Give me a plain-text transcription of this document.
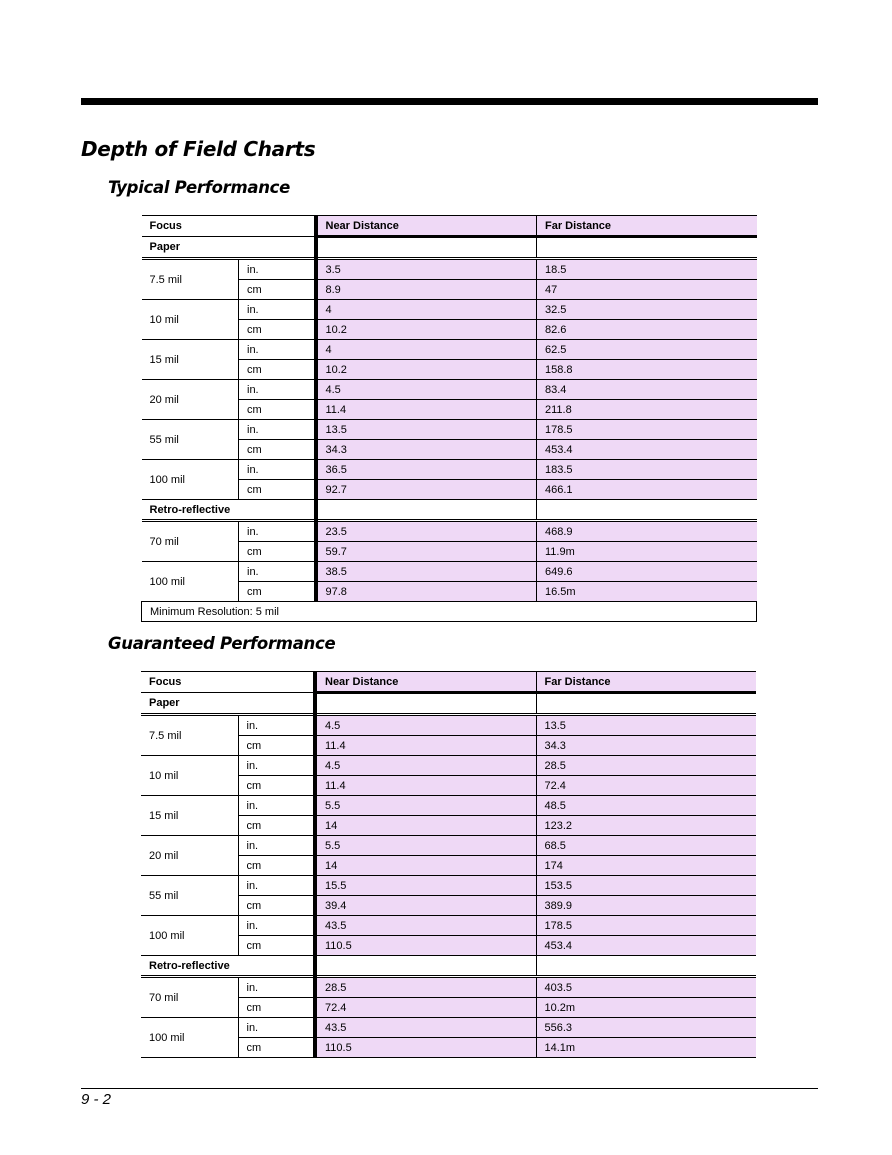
Depth of Field Charts
Typical Performance
Focus		Near Distance	Far Distance
Paper			
7.5 mil	in.	3.5	18.5
	cm	8.9	47
10 mil	in.	4	32.5
	cm	10.2	82.6
15 mil	in.	4	62.5
	cm	10.2	158.8
20 mil	in.	4.5	83.4
	cm	11.4	211.8
55 mil	in.	13.5	178.5
	cm	34.3	453.4
100 mil	in.	36.5	183.5
	cm	92.7	466.1
Retro-reflective			
70 mil	in.	23.5	468.9
	cm	59.7	11.9m
100 mil	in.	38.5	649.6
	cm	97.8	16.5m
Minimum Resolution: 5 mil			
Guaranteed Performance
Focus		Near Distance	Far Distance
Paper			
7.5 mil	in.	4.5	13.5
	cm	11.4	34.3
10 mil	in.	4.5	28.5
	cm	11.4	72.4
15 mil	in.	5.5	48.5
	cm	14	123.2
20 mil	in.	5.5	68.5
	cm	14	174
55 mil	in.	15.5	153.5
	cm	39.4	389.9
100 mil	in.	43.5	178.5
	cm	110.5	453.4
Retro-reflective			
70 mil	in.	28.5	403.5
	cm	72.4	10.2m
100 mil	in.	43.5	556.3
	cm	110.5	14.1m
9 - 2
